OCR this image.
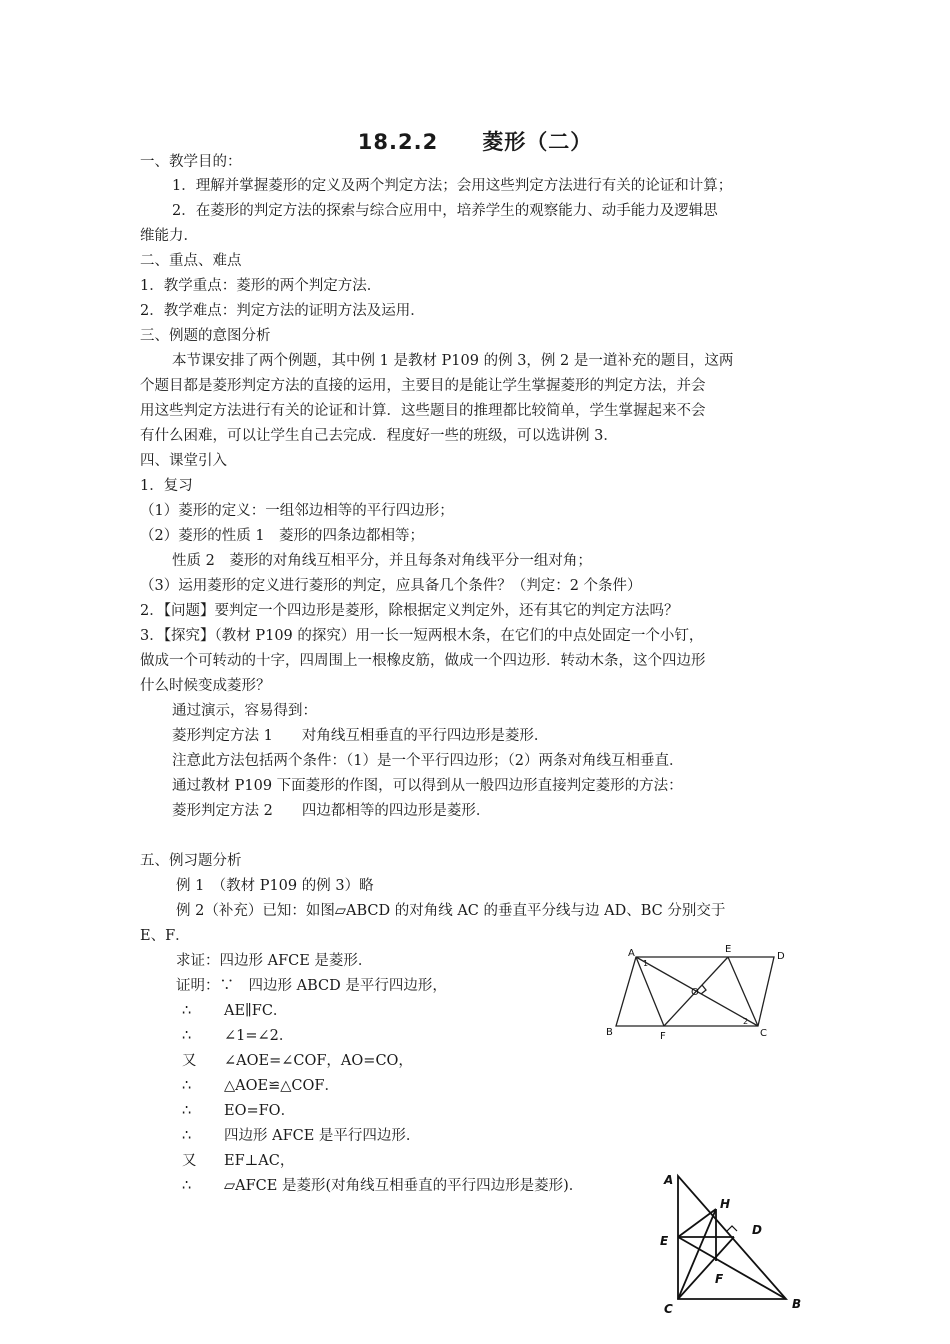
18.2.2　　菱形（二）
一、教学目的：
1．理解并掌握菱形的定义及两个判定方法；会用这些判定方法进行有关的论证和计算；
2．在菱形的判定方法的探索与综合应用中，培养学生的观察能力、动手能力及逻辑思
维能力．
二、重点、难点
1．教学重点：菱形的两个判定方法．
2．教学难点：判定方法的证明方法及运用．
三、例题的意图分析
本节课安排了两个例题，其中例 1 是教材 P109 的例 3，例 2 是一道补充的题目，这两
个题目都是菱形判定方法的直接的运用，主要目的是能让学生掌握菱形的判定方法，并会
用这些判定方法进行有关的论证和计算．这些题目的推理都比较简单，学生掌握起来不会
有什么困难，可以让学生自己去完成．程度好一些的班级，可以选讲例 3．
四、课堂引入
1．复习
（1）菱形的定义：一组邻边相等的平行四边形；
（2）菱形的性质 1　菱形的四条边都相等；
性质 2　菱形的对角线互相平分，并且每条对角线平分一组对角；
（3）运用菱形的定义进行菱形的判定，应具备几个条件？（判定：2 个条件）
2．【问题】要判定一个四边形是菱形，除根据定义判定外，还有其它的判定方法吗？
3．【探究】（教材 P109 的探究）用一长一短两根木条，在它们的中点处固定一个小钉，
做成一个可转动的十字，四周围上一根橡皮筋，做成一个四边形．转动木条，这个四边形
什么时候变成菱形？
通过演示，容易得到：
菱形判定方法 1　　对角线互相垂直的平行四边形是菱形．
注意此方法包括两个条件：（1）是一个平行四边形；（2）两条对角线互相垂直．
通过教材 P109 下面菱形的作图，可以得到从一般四边形直接判定菱形的方法：
菱形判定方法 2　　四边都相等的四边形是菱形．
五、例习题分析
例 1　（教材 P109 的例 3）略
例 2（补充）已知：如图▱ABCD 的对角线 AC 的垂直平分线与边 AD、BC 分别交于
E、F．
求证：四边形 AFCE 是菱形．
证明：∵　四边形 ABCD 是平行四边形，
∴ AE∥FC．
∴ ∠1=∠2．
又 ∠AOE=∠COF，AO=CO，
∴ △AOE≌△COF．
∴ EO=FO．
∴ 四边形 AFCE 是平行四边形．
又 EF⊥AC，
∴ ▱AFCE 是菱形(对角线互相垂直的平行四边形是菱形)．
A	E
D
O
B	F	C
1
2
A
H
D
E
F
C	B
